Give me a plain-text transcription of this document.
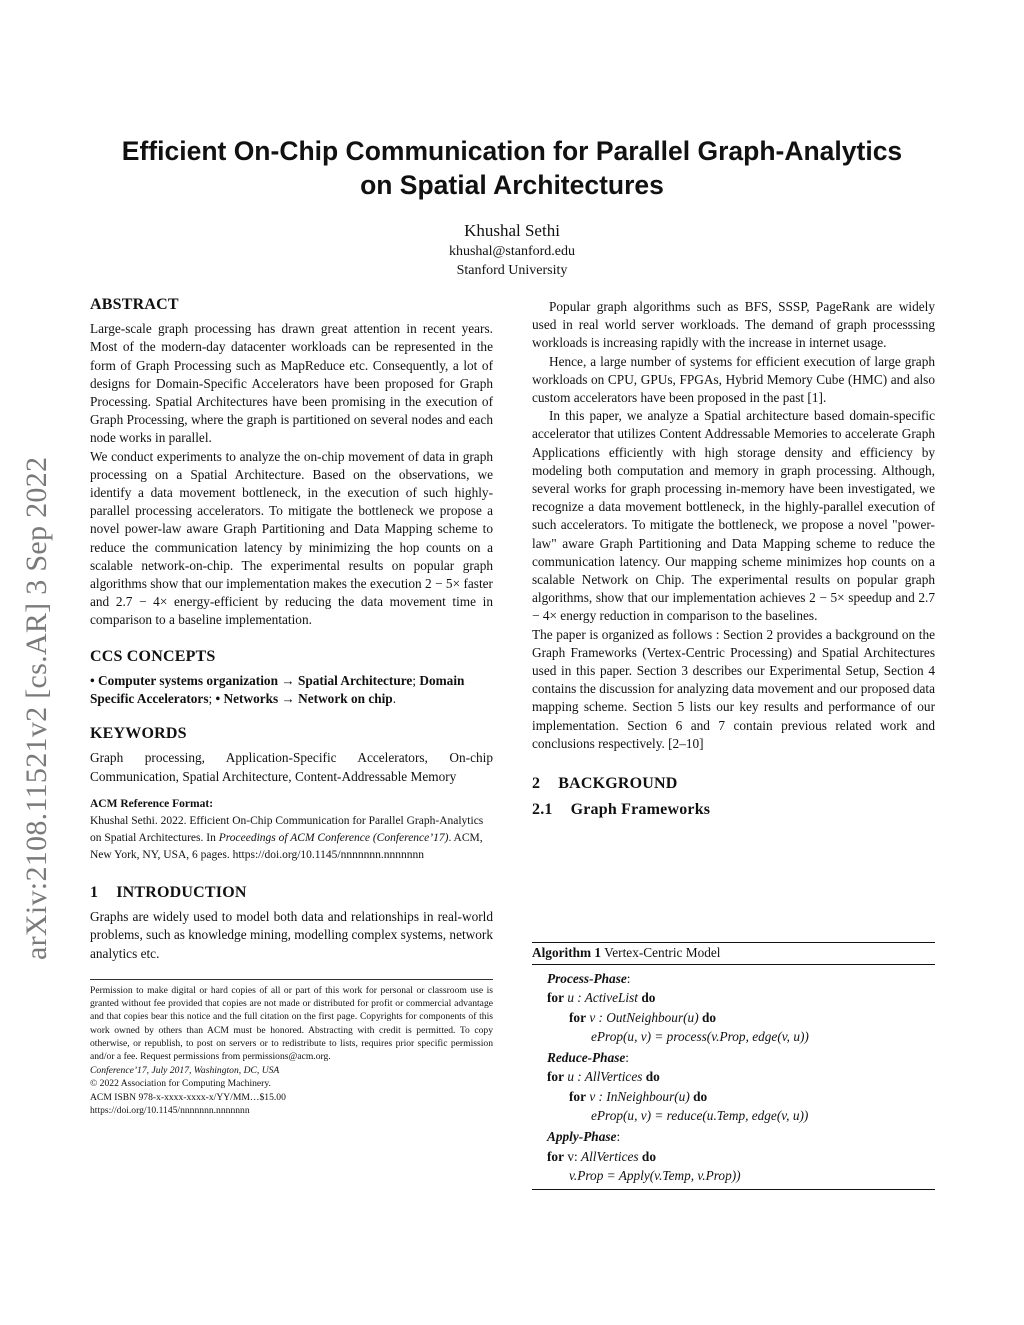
arXiv:2108.11521v2 [cs.AR] 3 Sep 2022
Efficient On-Chip Communication for Parallel Graph-Analytics
on Spatial Architectures
Khushal Sethi
khushal@stanford.edu
Stanford University
ABSTRACT

Large-scale graph processing has drawn great attention in recent years. Most of the modern-day datacenter workloads can be represented in the form of Graph Processing such as MapReduce etc. Consequently, a lot of designs for Domain-Specific Accelerators have been proposed for Graph Processing. Spatial Architectures have been promising in the execution of Graph Processing, where the graph is partitioned on several nodes and each node works in parallel.

We conduct experiments to analyze the on-chip movement of data in graph processing on a Spatial Architecture. Based on the observations, we identify a data movement bottleneck, in the execution of such highly-parallel processing accelerators. To mitigate the bottleneck we propose a novel power-law aware Graph Partitioning and Data Mapping scheme to reduce the communication latency by minimizing the hop counts on a scalable network-on-chip. The experimental results on popular graph algorithms show that our implementation makes the execution 2 − 5× faster and 2.7 − 4× energy-efficient by reducing the data movement time in comparison to a baseline implementation.

CCS CONCEPTS

• Computer systems organization → Spatial Architecture; Domain Specific Accelerators; • Networks → Network on chip.

KEYWORDS

Graph processing, Application-Specific Accelerators, On-chip Communication, Spatial Architecture, Content-Addressable Memory

ACM Reference Format:

Khushal Sethi. 2022. Efficient On-Chip Communication for Parallel Graph-Analytics on Spatial Architectures. In Proceedings of ACM Conference (Conference’17). ACM, New York, NY, USA, 6 pages. https://doi.org/10.1145/nnnnnnn.nnnnnnn

1 INTRODUCTION

Graphs are widely used to model both data and relationships in real-world problems, such as knowledge mining, modelling complex systems, network analytics etc.

Permission to make digital or hard copies of all or part of this work for personal or classroom use is granted without fee provided that copies are not made or distributed for profit or commercial advantage and that copies bear this notice and the full citation on the first page. Copyrights for components of this work owned by others than ACM must be honored. Abstracting with credit is permitted. To copy otherwise, or republish, to post on servers or to redistribute to lists, requires prior specific permission and/or a fee. Request permissions from permissions@acm.org.

Conference’17, July 2017, Washington, DC, USA

© 2022 Association for Computing Machinery.

ACM ISBN 978-x-xxxx-xxxx-x/YY/MM…$15.00

https://doi.org/10.1145/nnnnnnn.nnnnnnn

Popular graph algorithms such as BFS, SSSP, PageRank are widely used in real world server workloads. The demand of graph processsing workloads is increasing rapidly with the increase in internet usage.

Hence, a large number of systems for efficient execution of large graph workloads on CPU, GPUs, FPGAs, Hybrid Memory Cube (HMC) and also custom accelerators have been proposed in the past [1].

In this paper, we analyze a Spatial architecture based domain-specific accelerator that utilizes Content Addressable Memories to accelerate Graph Applications efficiently with high storage density and efficiency by modeling both computation and memory in graph processing. Although, several works for graph processing in-memory have been investigated, we recognize a data movement bottleneck, in the highly-parallel execution of such accelerators. To mitigate the bottleneck, we propose a novel "power-law" aware Graph Partitioning and Data Mapping scheme to reduce the communication latency. Our mapping scheme minimizes hop counts on a scalable Network on Chip. The experimental results on popular graph algorithms, show that our implementation achieves 2 − 5× speedup and 2.7 − 4× energy reduction in comparison to the baselines.

The paper is organized as follows : Section 2 provides a background on the Graph Frameworks (Vertex-Centric Processing) and Spatial Architectures used in this paper. Section 3 describes our Experimental Setup, Section 4 contains the discussion for analyzing data movement and our proposed data mapping scheme. Section 5 lists our key results and performance of our implementation. Section 6 and 7 contain previous related work and conclusions respectively. [2–10]

2 BACKGROUND
2.1 Graph Frameworks
Algorithm 1 Vertex-Centric Model
Process-Phase:
for u : ActiveList do
for v : OutNeighbour(u) do
eProp(u, v) = process(v.Prop, edge(v, u))
Reduce-Phase:
for u : AllVertices do
for v : InNeighbour(u) do
eProp(u, v) = reduce(u.Temp, edge(v, u))
Apply-Phase:
for v: AllVertices do
v.Prop = Apply(v.Temp, v.Prop))
